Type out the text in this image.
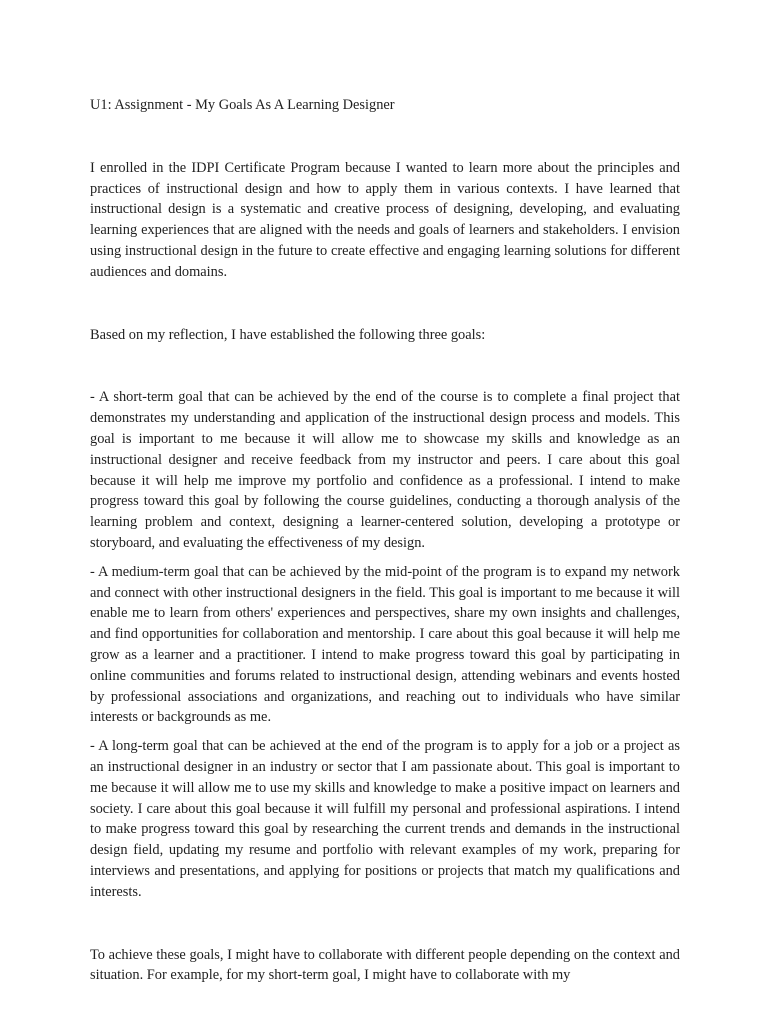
U1: Assignment - My Goals As A Learning Designer

I enrolled in the IDPI Certificate Program because I wanted to learn more about the principles and practices of instructional design and how to apply them in various contexts. I have learned that instructional design is a systematic and creative process of designing, developing, and evaluating learning experiences that are aligned with the needs and goals of learners and stakeholders. I envision using instructional design in the future to create effective and engaging learning solutions for different audiences and domains.

Based on my reflection, I have established the following three goals:

- A short-term goal that can be achieved by the end of the course is to complete a final project that demonstrates my understanding and application of the instructional design process and models. This goal is important to me because it will allow me to showcase my skills and knowledge as an instructional designer and receive feedback from my instructor and peers. I care about this goal because it will help me improve my portfolio and confidence as a professional. I intend to make progress toward this goal by following the course guidelines, conducting a thorough analysis of the learning problem and context, designing a learner-centered solution, developing a prototype or storyboard, and evaluating the effectiveness of my design.

- A medium-term goal that can be achieved by the mid-point of the program is to expand my network and connect with other instructional designers in the field. This goal is important to me because it will enable me to learn from others' experiences and perspectives, share my own insights and challenges, and find opportunities for collaboration and mentorship. I care about this goal because it will help me grow as a learner and a practitioner. I intend to make progress toward this goal by participating in online communities and forums related to instructional design, attending webinars and events hosted by professional associations and organizations, and reaching out to individuals who have similar interests or backgrounds as me.

- A long-term goal that can be achieved at the end of the program is to apply for a job or a project as an instructional designer in an industry or sector that I am passionate about. This goal is important to me because it will allow me to use my skills and knowledge to make a positive impact on learners and society. I care about this goal because it will fulfill my personal and professional aspirations. I intend to make progress toward this goal by researching the current trends and demands in the instructional design field, updating my resume and portfolio with relevant examples of my work, preparing for interviews and presentations, and applying for positions or projects that match my qualifications and interests.

To achieve these goals, I might have to collaborate with different people depending on the context and situation. For example, for my short-term goal, I might have to collaborate with my
